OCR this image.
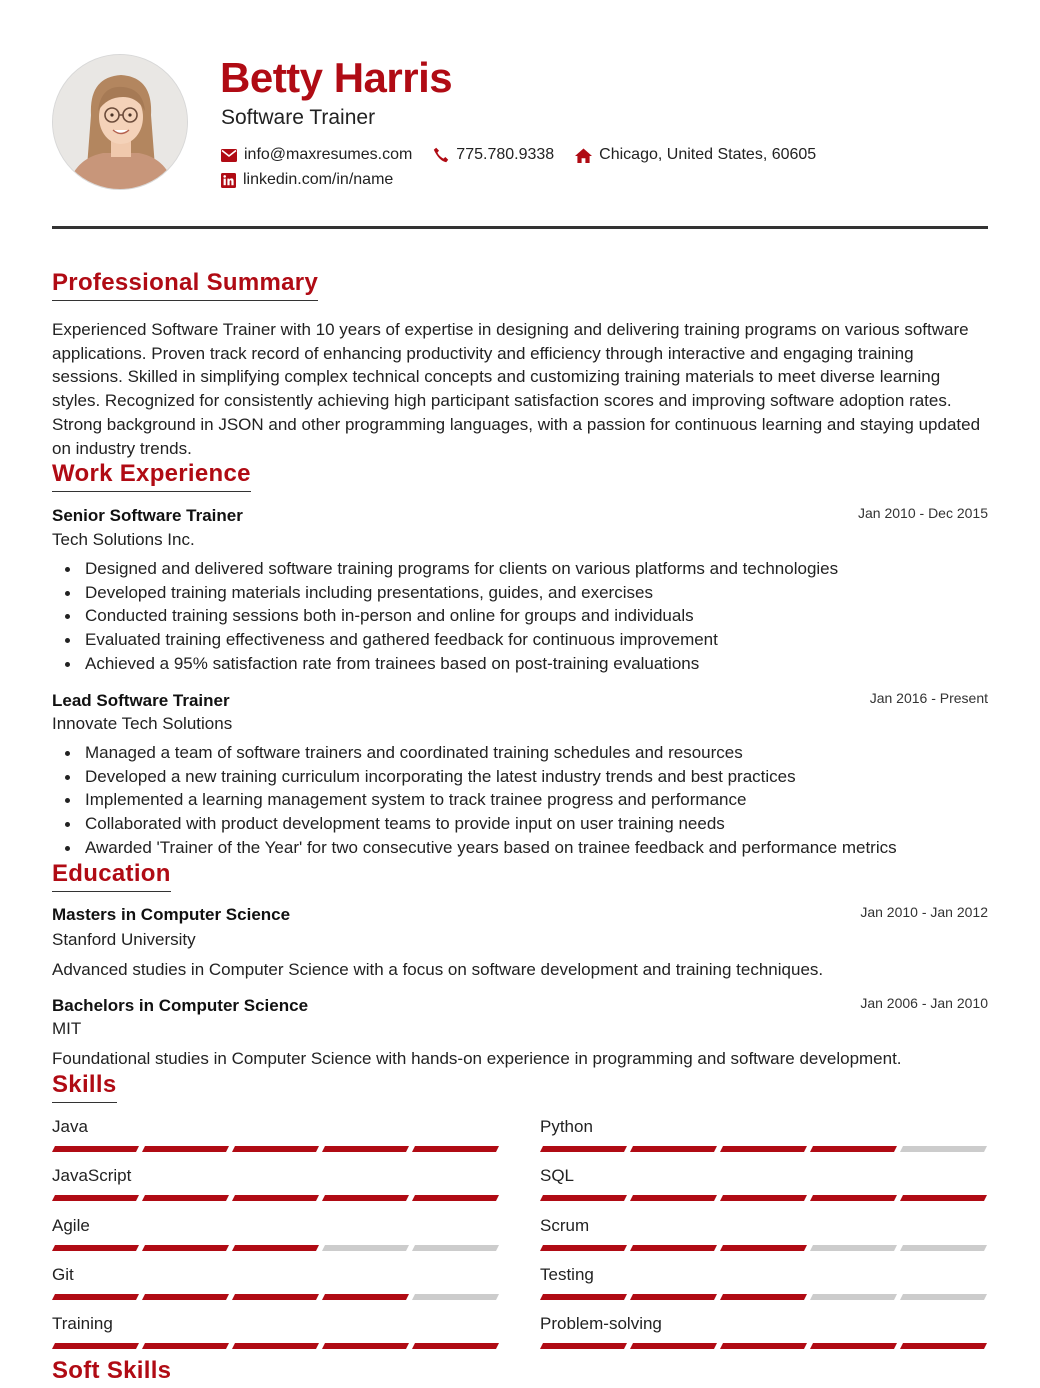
Betty Harris
Software Trainer
info@maxresumes.com	775.780.9338	Chicago, United States, 60605
linkedin.com/in/name
Professional Summary

Experienced Software Trainer with 10 years of expertise in designing and delivering training programs on various software applications. Proven track record of enhancing productivity and efficiency through interactive and engaging training sessions. Skilled in simplifying complex technical concepts and customizing training materials to meet diverse learning styles. Recognized for consistently achieving high participant satisfaction scores and improving software adoption rates. Strong background in JSON and other programming languages, with a passion for continuous learning and staying updated on industry trends.

Work Experience
Senior Software Trainer	Jan 2010 - Dec 2015
Tech Solutions Inc.
Designed and delivered software training programs for clients on various platforms and technologies
Developed training materials including presentations, guides, and exercises
Conducted training sessions both in-person and online for groups and individuals
Evaluated training effectiveness and gathered feedback for continuous improvement
Achieved a 95% satisfaction rate from trainees based on post-training evaluations
Lead Software Trainer	Jan 2016 - Present
Innovate Tech Solutions
Managed a team of software trainers and coordinated training schedules and resources
Developed a new training curriculum incorporating the latest industry trends and best practices
Implemented a learning management system to track trainee progress and performance
Collaborated with product development teams to provide input on user training needs
Awarded 'Trainer of the Year' for two consecutive years based on trainee feedback and performance metrics
Education
Masters in Computer Science	Jan 2010 - Jan 2012
Stanford University
Advanced studies in Computer Science with a focus on software development and training techniques.
Bachelors in Computer Science	Jan 2006 - Jan 2010
MIT
Foundational studies in Computer Science with hands-on experience in programming and software development.
Skills
Java	Python
JavaScript	SQL
Agile	Scrum
Git	Testing
Training	Problem-solving
Soft Skills
